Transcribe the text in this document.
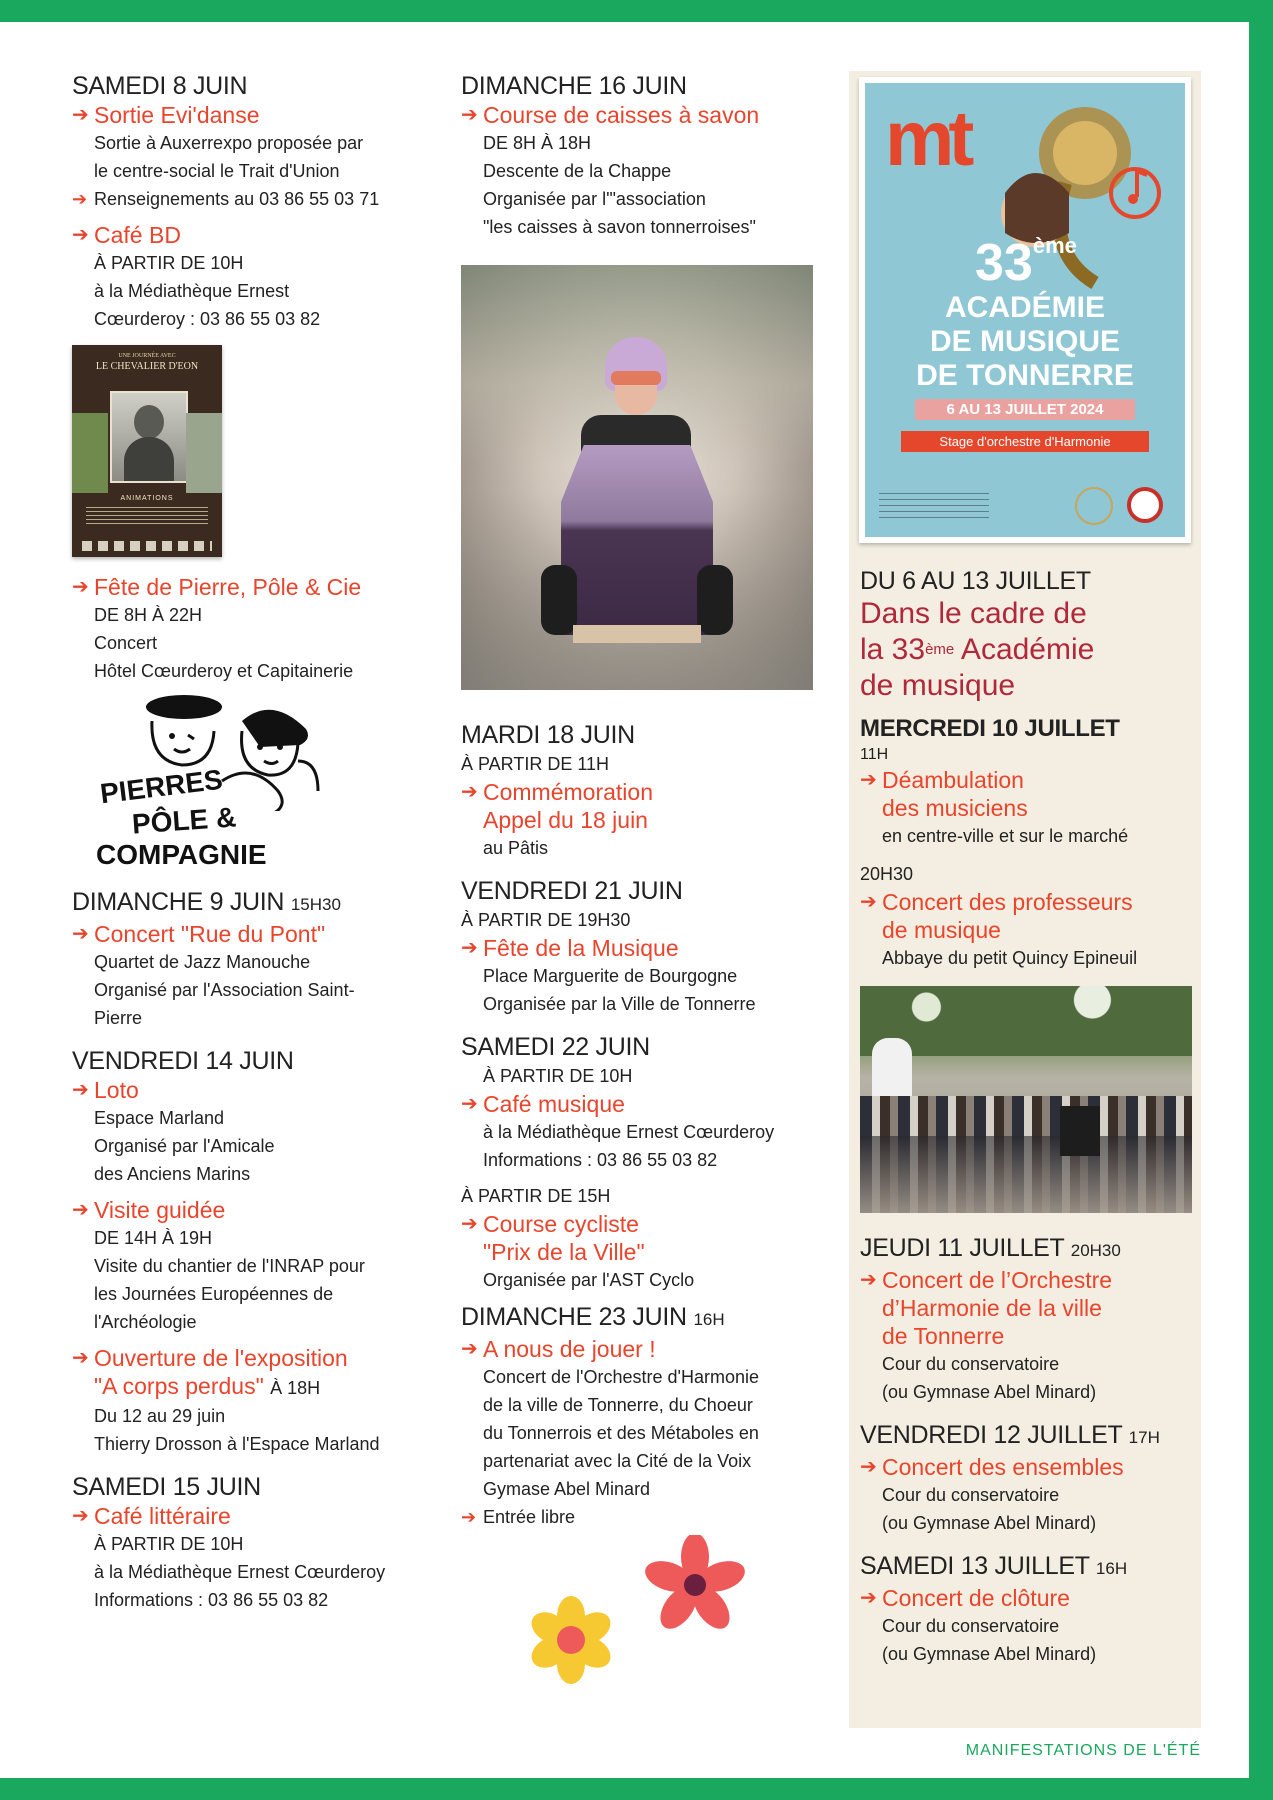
SAMEDI 8 JUIN

➔ Sortie Evi'danse

Sortie à Auxerrexpo proposée par

le centre-social le Trait d'Union

➔ Renseignements au 03 86 55 03 71

➔ Café BD

À PARTIR DE 10H

à la Médiathèque Ernest

Cœurderoy : 03 86 55 03 82

UNE JOURNÉE AVEC
LE CHEVALIER D'EON
ANIMATIONS

➔ Fête de Pierre, Pôle & Cie

DE 8H À 22H

Concert

Hôtel Cœurderoy et Capitainerie

PIERRES
PÔLE &
COMPAGNIE

DIMANCHE 9 JUIN 15H30

➔ Concert "Rue du Pont"

Quartet de Jazz Manouche

Organisé par l'Association Saint-

Pierre

VENDREDI 14 JUIN

➔ Loto

Espace Marland

Organisé par l'Amicale

des Anciens Marins

➔ Visite guidée

DE 14H À 19H

Visite du chantier de l'INRAP pour

les Journées Européennes de

l'Archéologie

➔ Ouverture de l'exposition

"A corps perdus" À 18H

Du 12 au 29 juin

Thierry Drosson à l'Espace Marland

SAMEDI 15 JUIN

➔ Café littéraire

À PARTIR DE 10H

à la Médiathèque Ernest Cœurderoy

Informations : 03 86 55 03 82

DIMANCHE 16 JUIN

➔ Course de caisses à savon

DE 8H À 18H

Descente de la Chappe

Organisée par l'"association

"les caisses à savon tonnerroises"

MARDI 18 JUIN

À PARTIR DE 11H

➔ Commémoration

Appel du 18 juin

au Pâtis

VENDREDI 21 JUIN

À PARTIR DE 19H30

➔ Fête de la Musique

Place Marguerite de Bourgogne

Organisée par la Ville de Tonnerre

SAMEDI 22 JUIN

À PARTIR DE 10H

➔ Café musique

à la Médiathèque Ernest Cœurderoy

Informations : 03 86 55 03 82

À PARTIR DE 15H

➔ Course cycliste

"Prix de la Ville"

Organisée par l'AST Cyclo

DIMANCHE 23 JUIN 16H

➔ A nous de jouer !

Concert de l'Orchestre d'Harmonie

de la ville de Tonnerre, du Choeur

du Tonnerrois et des Métaboles en

partenariat avec la Cité de la Voix

Gymase Abel Minard

➔ Entrée libre

mt
33ème
ACADÉMIE
DE MUSIQUE
DE TONNERRE
6 AU 13 JUILLET 2024
Stage d'orchestre d'Harmonie

DU 6 AU 13 JUILLET

Dans le cadre de

la 33ème Académie

de musique

MERCREDI 10 JUILLET

11H

➔ Déambulation

des musiciens

en centre-ville et sur le marché

20H30

➔ Concert des professeurs

de musique

Abbaye du petit Quincy Epineuil

JEUDI 11 JUILLET 20H30

➔ Concert de l’Orchestre

d’Harmonie de la ville

de Tonnerre

Cour du conservatoire

(ou Gymnase Abel Minard)

VENDREDI 12 JUILLET 17H

➔ Concert des ensembles

Cour du conservatoire

(ou Gymnase Abel Minard)

SAMEDI 13 JUILLET 16H

➔ Concert de clôture

Cour du conservatoire

(ou Gymnase Abel Minard)

MANIFESTATIONS DE L'ÉTÉ
